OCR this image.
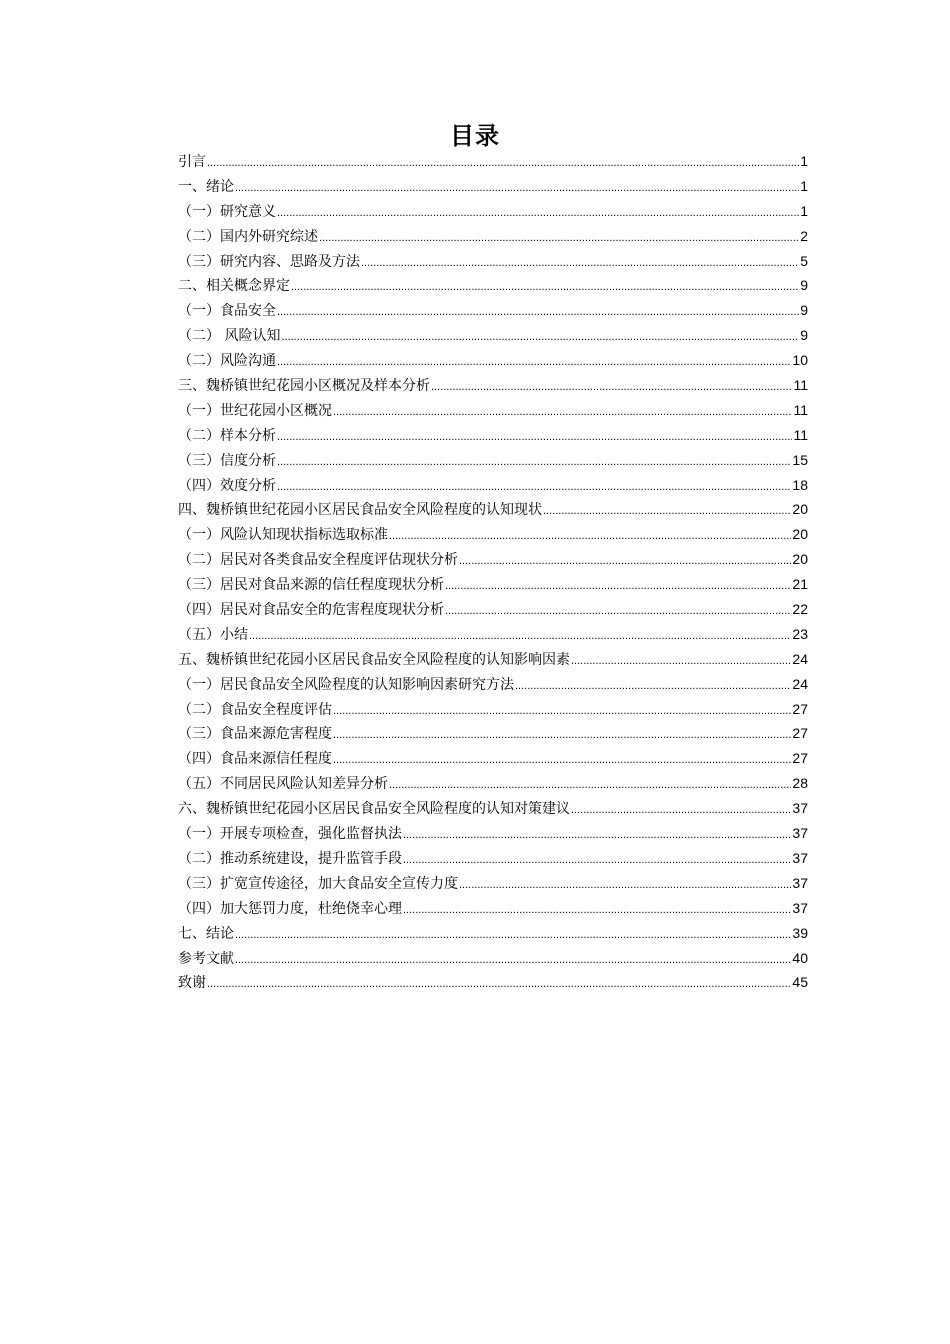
目录
引言 .....	1
一、绪论 .....	1
（一）研究意义 .....	1
（二）国内外研究综述 .....	2
（三）研究内容、思路及方法 .....	5
二、相关概念界定 .....	9
（一）食品安全 .....	9
（二） 风险认知 .....	9
（二）风险沟通 .....	10
三、魏桥镇世纪花园小区概况及样本分析 .....	11
（一）世纪花园小区概况 .....	11
（二）样本分析 .....	11
（三）信度分析 .....	15
（四）效度分析 .....	18
四、魏桥镇世纪花园小区居民食品安全风险程度的认知现状 .....	20
（一）风险认知现状指标选取标准 .....	20
（二）居民对各类食品安全程度评估现状分析 .....	20
（三）居民对食品来源的信任程度现状分析 .....	21
（四）居民对食品安全的危害程度现状分析 .....	22
（五）小结 .....	23
五、魏桥镇世纪花园小区居民食品安全风险程度的认知影响因素 .....	24
（一）居民食品安全风险程度的认知影响因素研究方法 .....	24
（二）食品安全程度评估 .....	27
（三）食品来源危害程度 .....	27
（四）食品来源信任程度 .....	27
（五）不同居民风险认知差异分析 .....	28
六、魏桥镇世纪花园小区居民食品安全风险程度的认知对策建议 .....	37
（一）开展专项检查，强化监督执法 .....	37
（二）推动系统建设，提升监管手段 .....	37
（三）扩宽宣传途径，加大食品安全宣传力度 .....	37
（四）加大惩罚力度，杜绝侥幸心理 .....	37
七、结论 .....	39
参考文献 .....	40
致谢 .....	45
